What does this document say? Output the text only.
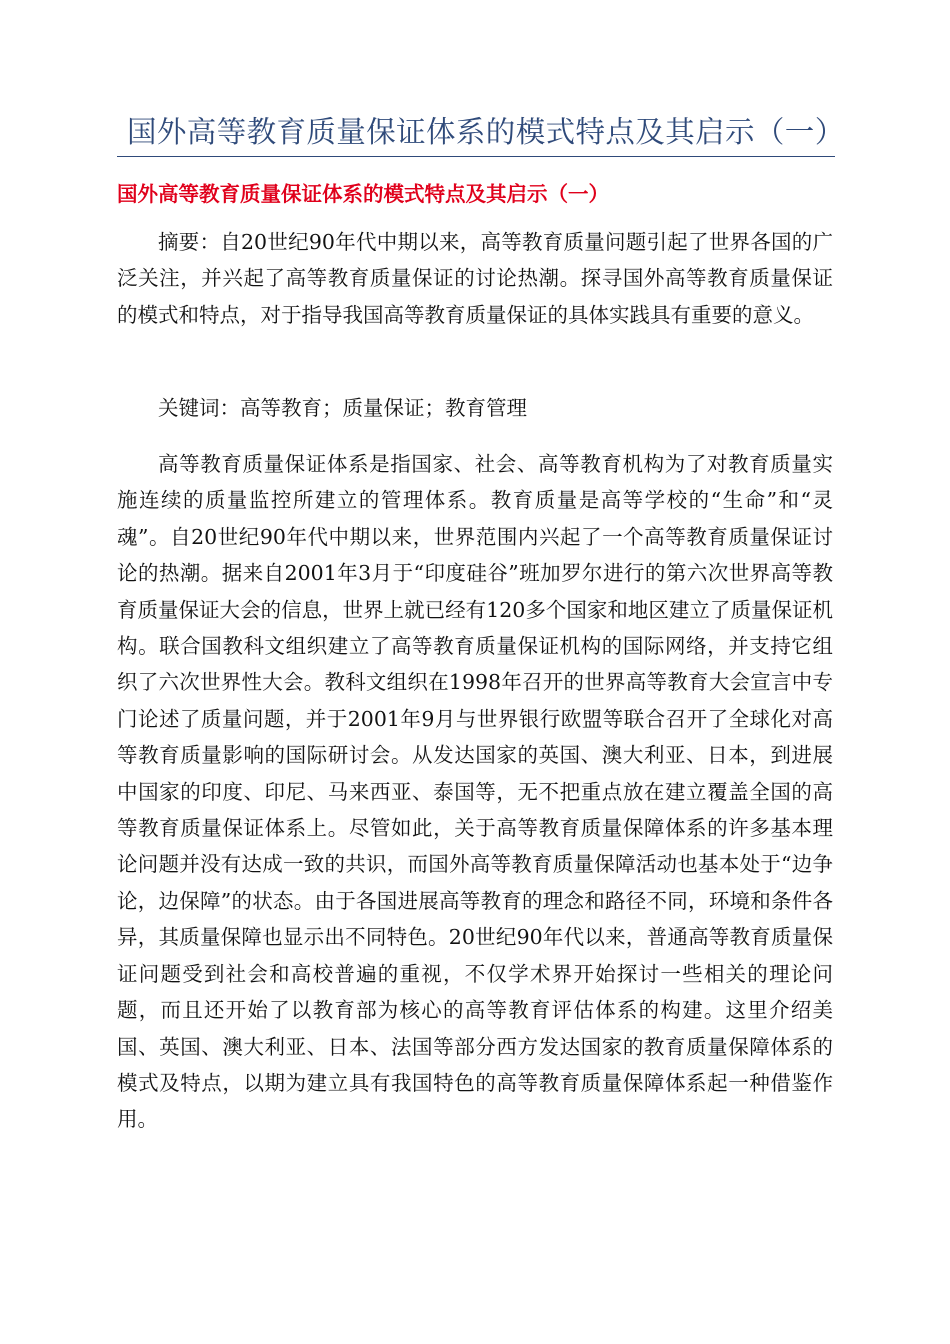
国外高等教育质量保证体系的模式特点及其启示（一）
国外高等教育质量保证体系的模式特点及其启示（一）

摘要：自20世纪90年代中期以来，高等教育质量问题引起了世界各国的广泛关注，并兴起了高等教育质量保证的讨论热潮。探寻国外高等教育质量保证的模式和特点，对于指导我国高等教育质量保证的具体实践具有重要的意义。

关键词：高等教育；质量保证；教育管理

高等教育质量保证体系是指国家、社会、高等教育机构为了对教育质量实施连续的质量监控所建立的管理体系。教育质量是高等学校的“生命”和“灵魂”。自20世纪90年代中期以来，世界范围内兴起了一个高等教育质量保证讨论的热潮。据来自2001年3月于“印度硅谷”班加罗尔进行的第六次世界高等教育质量保证大会的信息，世界上就已经有120多个国家和地区建立了质量保证机构。联合国教科文组织建立了高等教育质量保证机构的国际网络，并支持它组织了六次世界性大会。教科文组织在1998年召开的世界高等教育大会宣言中专门论述了质量问题，并于2001年9月与世界银行欧盟等联合召开了全球化对高等教育质量影响的国际研讨会。从发达国家的英国、澳大利亚、日本，到进展中国家的印度、印尼、马来西亚、泰国等，无不把重点放在建立覆盖全国的高等教育质量保证体系上。尽管如此，关于高等教育质量保障体系的许多基本理论问题并没有达成一致的共识，而国外高等教育质量保障活动也基本处于“边争论，边保障”的状态。由于各国进展高等教育的理念和路径不同，环境和条件各异，其质量保障也显示出不同特色。20世纪90年代以来，普通高等教育质量保证问题受到社会和高校普遍的重视，不仅学术界开始探讨一些相关的理论问题，而且还开始了以教育部为核心的高等教育评估体系的构建。这里介绍美国、英国、澳大利亚、日本、法国等部分西方发达国家的教育质量保障体系的模式及特点，以期为建立具有我国特色的高等教育质量保障体系起一种借鉴作用。
